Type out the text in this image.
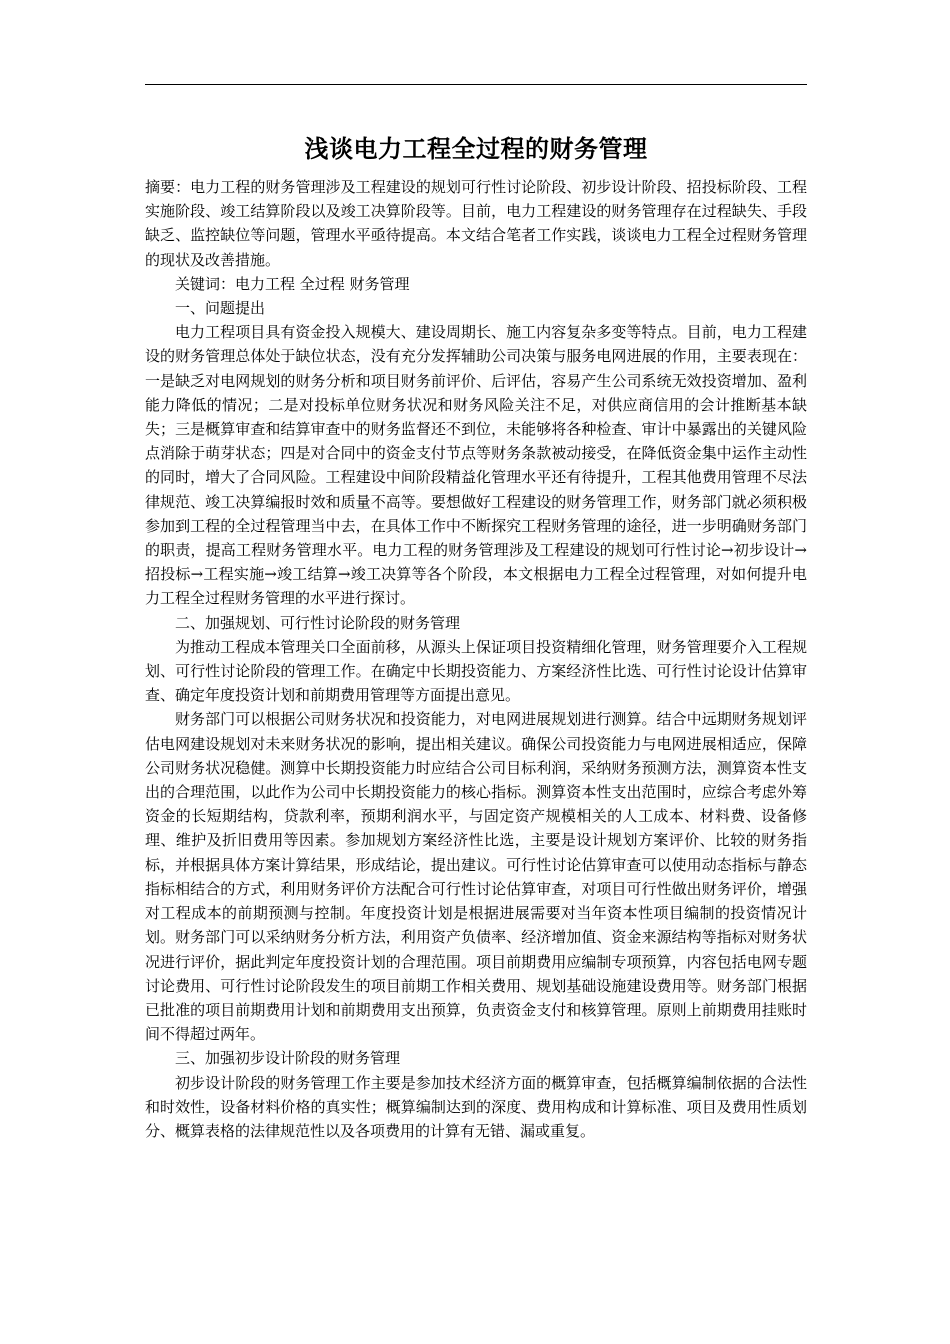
浅谈电力工程全过程的财务管理

摘要：电力工程的财务管理涉及工程建设的规划可行性讨论阶段、初步设计阶段、招投标阶段、工程实施阶段、竣工结算阶段以及竣工决算阶段等。目前，电力工程建设的财务管理存在过程缺失、手段缺乏、监控缺位等问题，管理水平亟待提高。本文结合笔者工作实践，谈谈电力工程全过程财务管理的现状及改善措施。

关键词：电力工程 全过程 财务管理

一、问题提出

电力工程项目具有资金投入规模大、建设周期长、施工内容复杂多变等特点。目前，电力工程建设的财务管理总体处于缺位状态，没有充分发挥辅助公司决策与服务电网进展的作用，主要表现在：一是缺乏对电网规划的财务分析和项目财务前评价、后评估，容易产生公司系统无效投资增加、盈利能力降低的情况；二是对投标单位财务状况和财务风险关注不足，对供应商信用的会计推断基本缺失；三是概算审查和结算审查中的财务监督还不到位，未能够将各种检查、审计中暴露出的关键风险点消除于萌芽状态；四是对合同中的资金支付节点等财务条款被动接受，在降低资金集中运作主动性的同时，增大了合同风险。工程建设中间阶段精益化管理水平还有待提升，工程其他费用管理不尽法律规范、竣工决算编报时效和质量不高等。要想做好工程建设的财务管理工作，财务部门就必须积极参加到工程的全过程管理当中去，在具体工作中不断探究工程财务管理的途径，进一步明确财务部门的职责，提高工程财务管理水平。电力工程的财务管理涉及工程建设的规划可行性讨论→初步设计→招投标→工程实施→竣工结算→竣工决算等各个阶段，本文根据电力工程全过程管理，对如何提升电力工程全过程财务管理的水平进行探讨。

二、加强规划、可行性讨论阶段的财务管理

为推动工程成本管理关口全面前移，从源头上保证项目投资精细化管理，财务管理要介入工程规划、可行性讨论阶段的管理工作。在确定中长期投资能力、方案经济性比选、可行性讨论设计估算审查、确定年度投资计划和前期费用管理等方面提出意见。

财务部门可以根据公司财务状况和投资能力，对电网进展规划进行测算。结合中远期财务规划评估电网建设规划对未来财务状况的影响，提出相关建议。确保公司投资能力与电网进展相适应，保障公司财务状况稳健。测算中长期投资能力时应结合公司目标利润，采纳财务预测方法，测算资本性支出的合理范围，以此作为公司中长期投资能力的核心指标。测算资本性支出范围时，应综合考虑外筹资金的长短期结构，贷款利率，预期利润水平，与固定资产规模相关的人工成本、材料费、设备修理、维护及折旧费用等因素。参加规划方案经济性比选，主要是设计规划方案评价、比较的财务指标，并根据具体方案计算结果，形成结论，提出建议。可行性讨论估算审查可以使用动态指标与静态指标相结合的方式，利用财务评价方法配合可行性讨论估算审查，对项目可行性做出财务评价，增强对工程成本的前期预测与控制。年度投资计划是根据进展需要对当年资本性项目编制的投资情况计划。财务部门可以采纳财务分析方法，利用资产负债率、经济增加值、资金来源结构等指标对财务状况进行评价，据此判定年度投资计划的合理范围。项目前期费用应编制专项预算，内容包括电网专题讨论费用、可行性讨论阶段发生的项目前期工作相关费用、规划基础设施建设费用等。财务部门根据已批准的项目前期费用计划和前期费用支出预算，负责资金支付和核算管理。原则上前期费用挂账时间不得超过两年。

三、加强初步设计阶段的财务管理

初步设计阶段的财务管理工作主要是参加技术经济方面的概算审查，包括概算编制依据的合法性和时效性，设备材料价格的真实性；概算编制达到的深度、费用构成和计算标准、项目及费用性质划分、概算表格的法律规范性以及各项费用的计算有无错、漏或重复。
